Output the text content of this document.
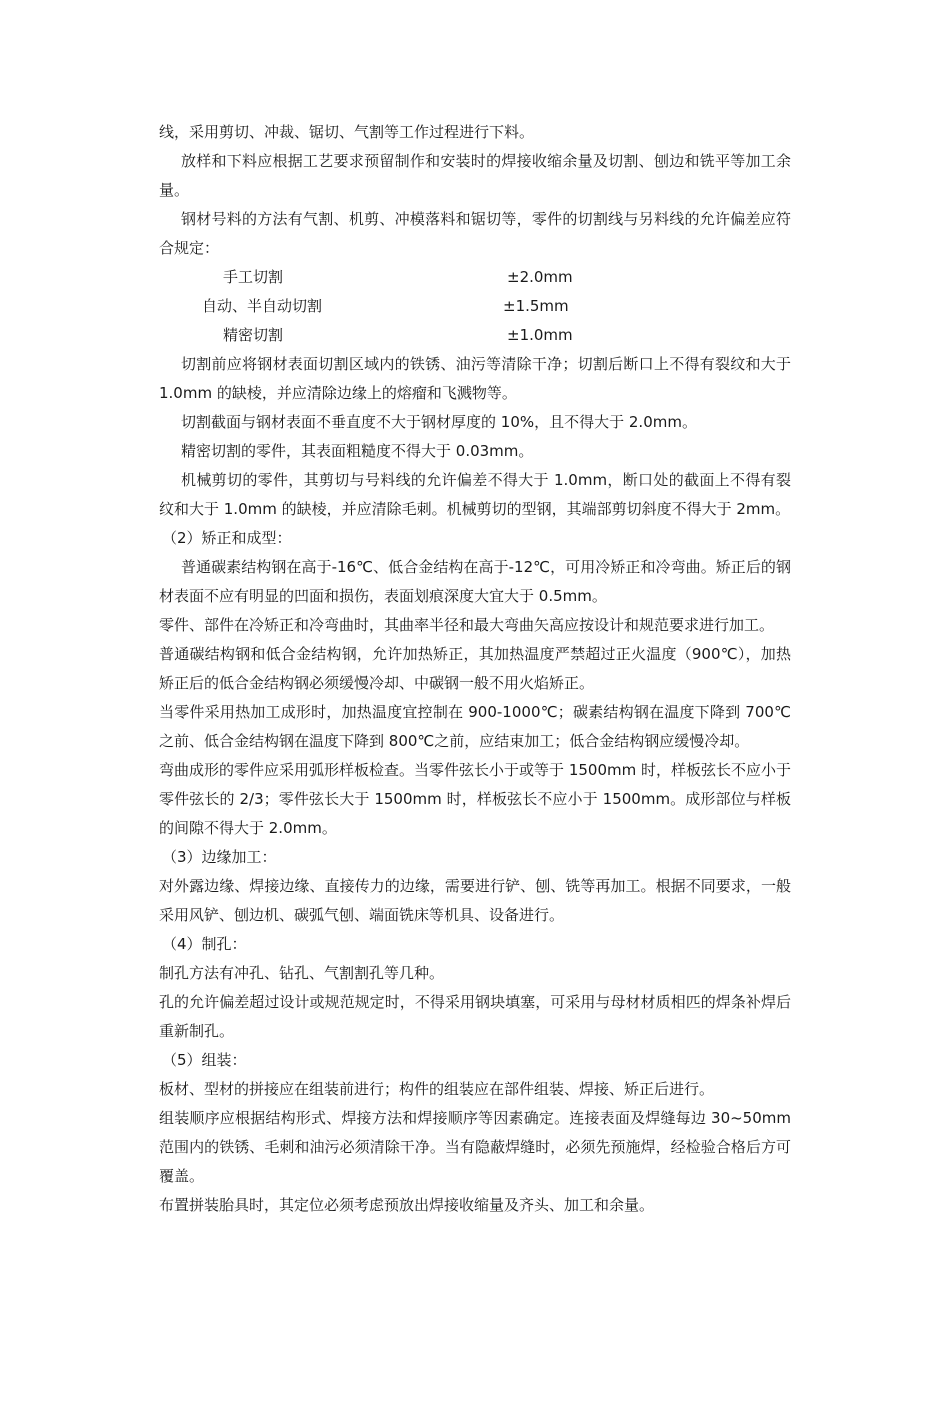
线，采用剪切、冲裁、锯切、气割等工作过程进行下料。

放样和下料应根据工艺要求预留制作和安装时的焊接收缩余量及切割、刨边和铣平等加工余量。

钢材号料的方法有气割、机剪、冲模落料和锯切等，零件的切割线与另料线的允许偏差应符合规定：

手工切割	±2.0mm
自动、半自动切割	±1.5mm
精密切割	±1.0mm

切割前应将钢材表面切割区域内的铁锈、油污等清除干净；切割后断口上不得有裂纹和大于 1.0mm 的缺棱，并应清除边缘上的熔瘤和飞溅物等。

切割截面与钢材表面不垂直度不大于钢材厚度的 10%，且不得大于 2.0mm。

精密切割的零件，其表面粗糙度不得大于 0.03mm。

机械剪切的零件，其剪切与号料线的允许偏差不得大于 1.0mm，断口处的截面上不得有裂纹和大于 1.0mm 的缺棱，并应清除毛刺。机械剪切的型钢，其端部剪切斜度不得大于 2mm。

（2）矫正和成型：

普通碳素结构钢在高于-16℃、低合金结构在高于-12℃，可用冷矫正和冷弯曲。矫正后的钢材表面不应有明显的凹面和损伤，表面划痕深度大宜大于 0.5mm。

零件、部件在冷矫正和冷弯曲时，其曲率半径和最大弯曲矢高应按设计和规范要求进行加工。

普通碳结构钢和低合金结构钢，允许加热矫正，其加热温度严禁超过正火温度（900℃），加热矫正后的低合金结构钢必须缓慢冷却、中碳钢一般不用火焰矫正。

当零件采用热加工成形时，加热温度宜控制在 900-1000℃；碳素结构钢在温度下降到 700℃之前、低合金结构钢在温度下降到 800℃之前，应结束加工；低合金结构钢应缓慢冷却。

弯曲成形的零件应采用弧形样板检查。当零件弦长小于或等于 1500mm 时，样板弦长不应小于零件弦长的 2/3；零件弦长大于 1500mm 时，样板弦长不应小于 1500mm。成形部位与样板的间隙不得大于 2.0mm。

（3）边缘加工：

对外露边缘、焊接边缘、直接传力的边缘，需要进行铲、刨、铣等再加工。根据不同要求，一般采用风铲、刨边机、碳弧气刨、端面铣床等机具、设备进行。

（4）制孔：

制孔方法有冲孔、钻孔、气割割孔等几种。

孔的允许偏差超过设计或规范规定时，不得采用钢块填塞，可采用与母材材质相匹的焊条补焊后重新制孔。

（5）组装：

板材、型材的拼接应在组装前进行；构件的组装应在部件组装、焊接、矫正后进行。

组装顺序应根据结构形式、焊接方法和焊接顺序等因素确定。连接表面及焊缝每边 30~50mm 范围内的铁锈、毛刺和油污必须清除干净。当有隐蔽焊缝时，必须先预施焊，经检验合格后方可覆盖。

布置拼装胎具时，其定位必须考虑预放出焊接收缩量及齐头、加工和余量。
